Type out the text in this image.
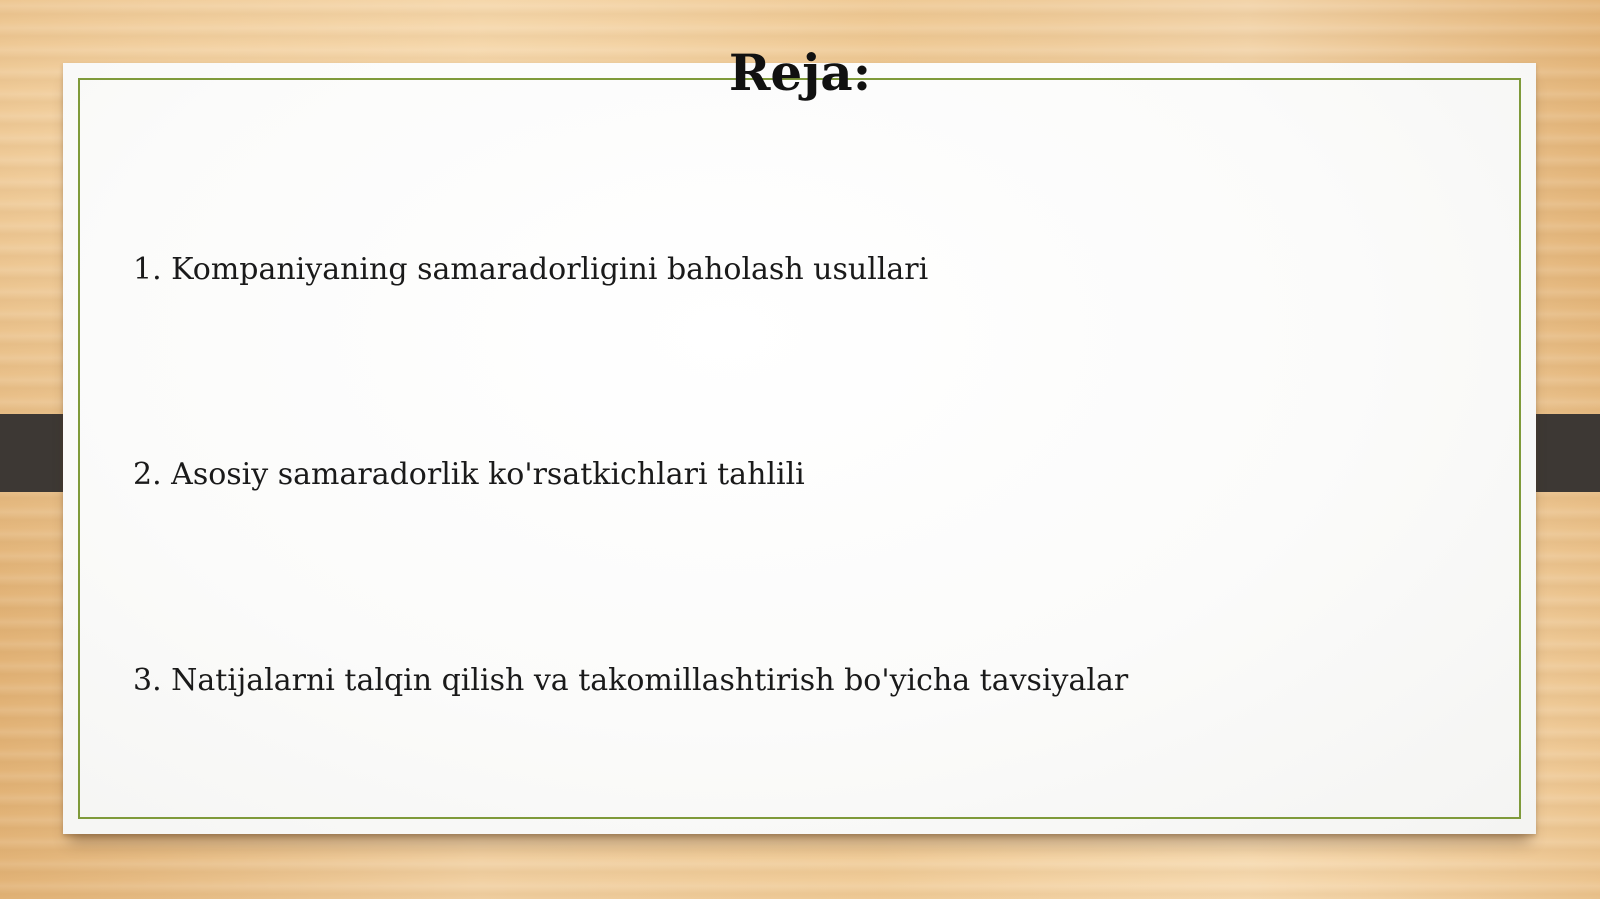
Reja:
1. Kompaniyaning samaradorligini baholash usullari
2. Asosiy samaradorlik ko'rsatkichlari tahlili
3. Natijalarni talqin qilish va takomillashtirish bo'yicha tavsiyalar
